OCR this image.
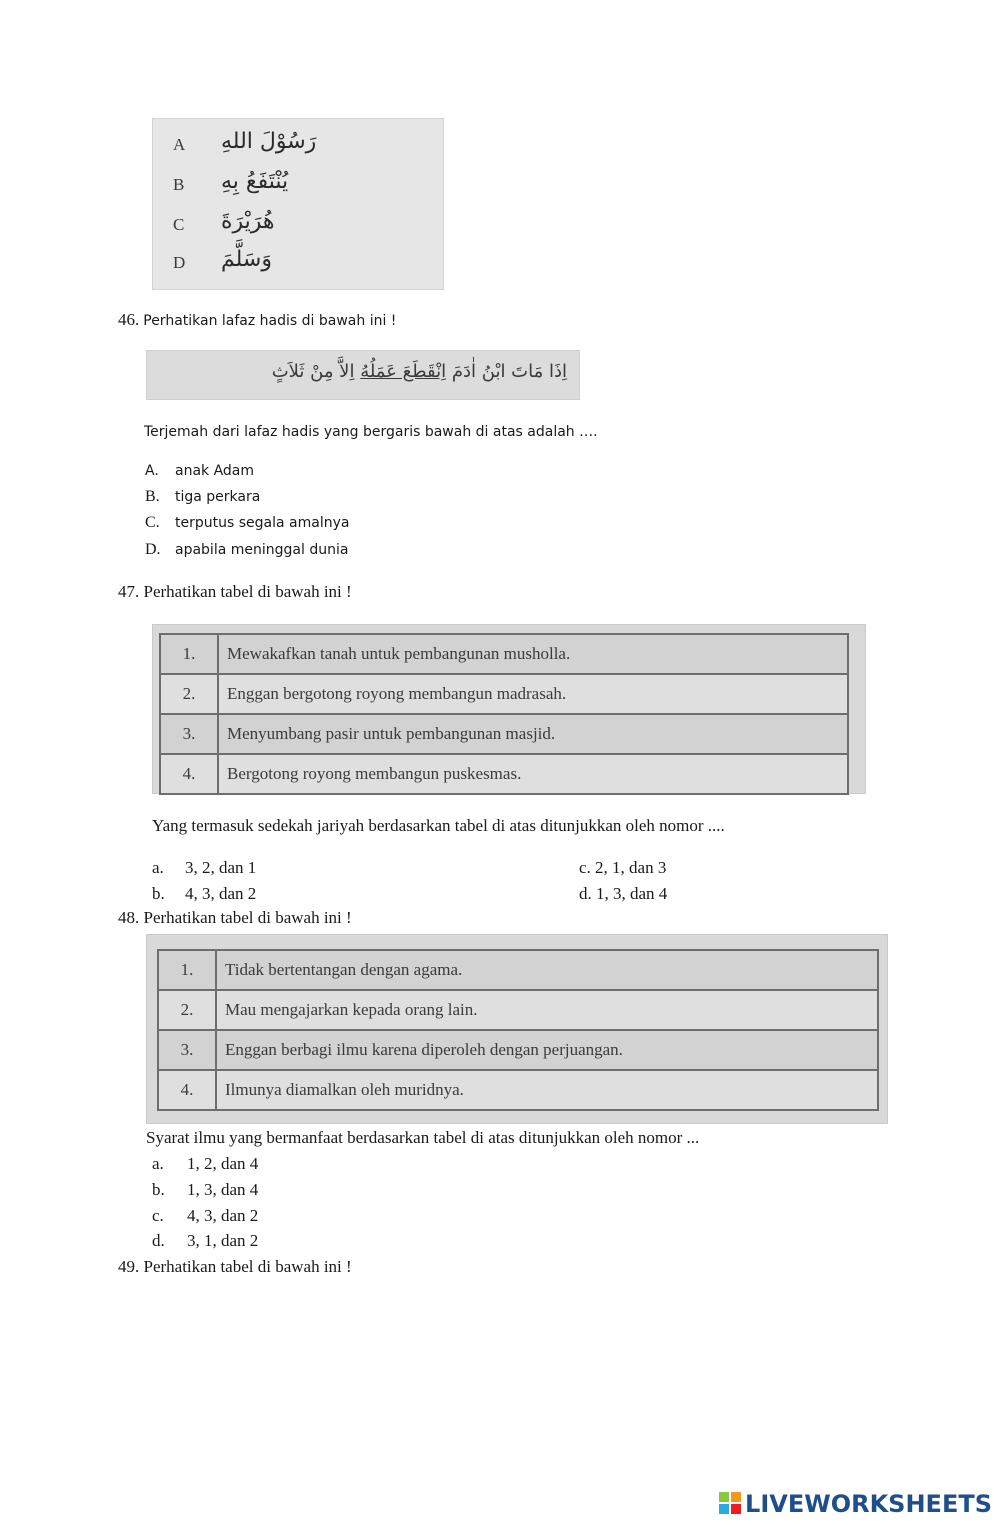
A رَسُوْلَ اللهِ
B يُنْتَفَعُ بِهِ
C هُرَيْرَةَ
D وَسَلَّمَ
46. Perhatikan lafaz hadis di bawah ini !
اِذَا مَاتَ ابْنُ اٰدَمَ اِنْقَطَعَ عَمَلُهُ اِلاَّ مِنْ ثَلاَثٍ
Terjemah dari lafaz hadis yang bergaris bawah di atas adalah ….
A. anak Adam
B. tiga perkara
C. terputus segala amalnya
D. apabila meninggal dunia
47. Perhatikan tabel di bawah ini !
1.	Mewakafkan tanah untuk pembangunan musholla.
2.	Enggan bergotong royong membangun madrasah.
3.	Menyumbang pasir untuk pembangunan masjid.
4.	Bergotong royong membangun puskesmas.
Yang termasuk sedekah jariyah berdasarkan tabel di atas ditunjukkan oleh nomor ....
a. 3, 2, dan 1
b. 4, 3, dan 2
c. 2, 1, dan 3
d. 1, 3, dan 4
48. Perhatikan tabel di bawah ini !
1.	Tidak bertentangan dengan agama.
2.	Mau mengajarkan kepada orang lain.
3.	Enggan berbagi ilmu karena diperoleh dengan perjuangan.
4.	Ilmunya diamalkan oleh muridnya.
Syarat ilmu yang bermanfaat berdasarkan tabel di atas ditunjukkan oleh nomor ...
a. 1, 2, dan 4
b. 1, 3, dan 4
c. 4, 3, dan 2
d. 3, 1, dan 2
49. Perhatikan tabel di bawah ini !
LIVEWORKSHEETS
